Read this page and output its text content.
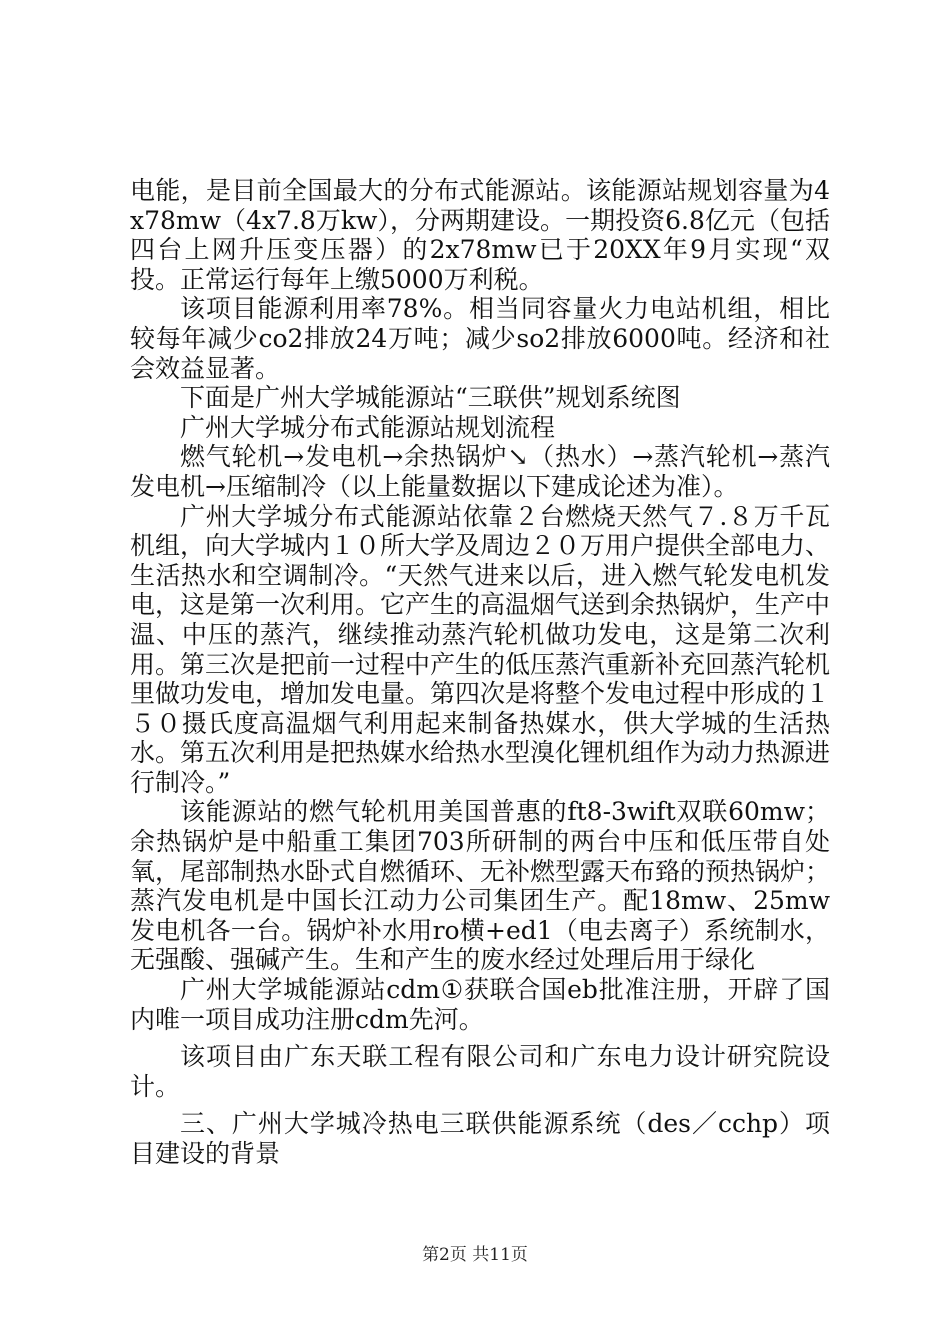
电能，是目前全国最大的分布式能源站。该能源站规划容量为4x78mw（4x7.8万kw），分两期建设。一期投资6.8亿元（包括四台上网升压变压器）的2x78mw已于20XX年9月实现“双投。正常运行每年上缴5000万利税。

该项目能源利用率78%。相当同容量火力电站机组，相比较每年减少co2排放24万吨；减少so2排放6000吨。经济和社会效益显著。

下面是广州大学城能源站“三联供”规划系统图

广州大学城分布式能源站规划流程

燃气轮机→发电机→余热锅炉↘（热水）→蒸汽轮机→蒸汽发电机→压缩制冷（以上能量数据以下建成论述为准）。

广州大学城分布式能源站依靠２台燃烧天然气７.８万千瓦机组，向大学城内１０所大学及周边２０万用户提供全部电力、生活热水和空调制冷。“天然气进来以后，进入燃气轮发电机发电，这是第一次利用。它产生的高温烟气送到余热锅炉，生产中温、中压的蒸汽，继续推动蒸汽轮机做功发电，这是第二次利用。第三次是把前一过程中产生的低压蒸汽重新补充回蒸汽轮机里做功发电，增加发电量。第四次是将整个发电过程中形成的１５０摄氏度高温烟气利用起来制备热媒水，供大学城的生活热水。第五次利用是把热媒水给热水型溴化锂机组作为动力热源进行制冷。”

该能源站的燃气轮机用美国普惠的ft8-3wift双联60mw；余热锅炉是中船重工集团703所研制的两台中压和低压带自处氧，尾部制热水卧式自燃循环、无补燃型露天布臵的预热锅炉；蒸汽发电机是中国长江动力公司集团生产。配18mw、25mw发电机各一台。锅炉补水用ro横+ed1（电去离子）系统制水，无强酸、强碱产生。生和产生的废水经过处理后用于绿化

广州大学城能源站cdm①获联合国eb批准注册，开辟了国内唯一项目成功注册cdm先河。

该项目由广东天联工程有限公司和广东电力设计研究院设计。

三、广州大学城冷热电三联供能源系统（des／cchp）项目建设的背景

第2页 共11页
